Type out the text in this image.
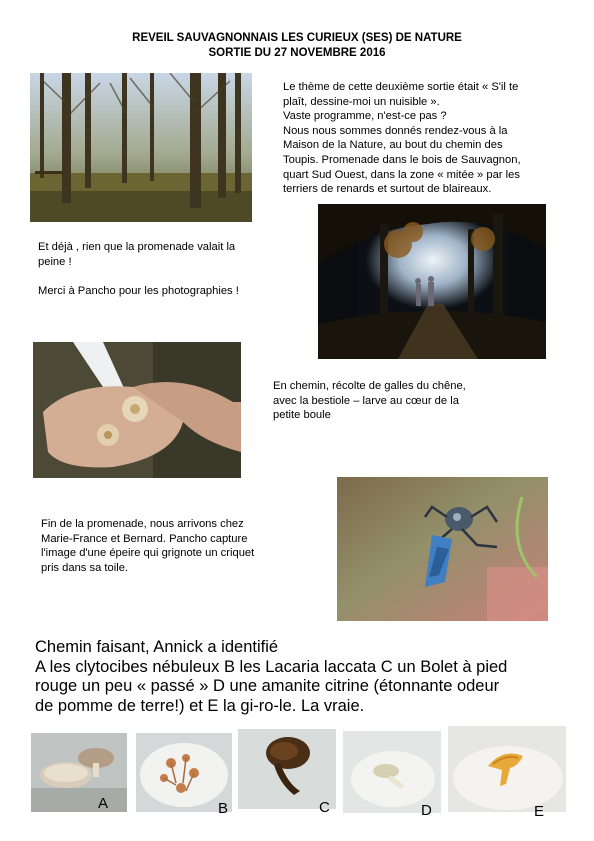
REVEIL SAUVAGNONNAIS LES CURIEUX (SES) DE NATURE
SORTIE DU 27 NOVEMBRE 2016
Le thème de cette deuxième sortie était « S'il te
plaît, dessine-moi un nuisible ».
Vaste programme, n'est-ce pas ?
Nous nous sommes donnés rendez-vous à la
Maison de la Nature, au bout du chemin des
Toupis. Promenade dans le bois de Sauvagnon,
quart Sud Ouest, dans la zone « mitée » par les
terriers de renards et surtout de blaireaux.
Et déjà , rien que la promenade valait la
peine !

Merci à Pancho pour les photographies !
En chemin, récolte de galles du chêne,
avec la bestiole – larve au cœur de la
petite boule
Fin de la promenade, nous arrivons chez
Marie-France et Bernard. Pancho capture
l'image d'une épeire qui grignote un criquet
pris dans sa toile.
Chemin faisant, Annick a identifié
A les clytocibes nébuleux B les Lacaria laccata C un Bolet à pied
rouge un peu « passé » D une amanite citrine (étonnante odeur
de pomme de terre!) et E la gi-ro-le. La vraie.
A	B	C	D	E
